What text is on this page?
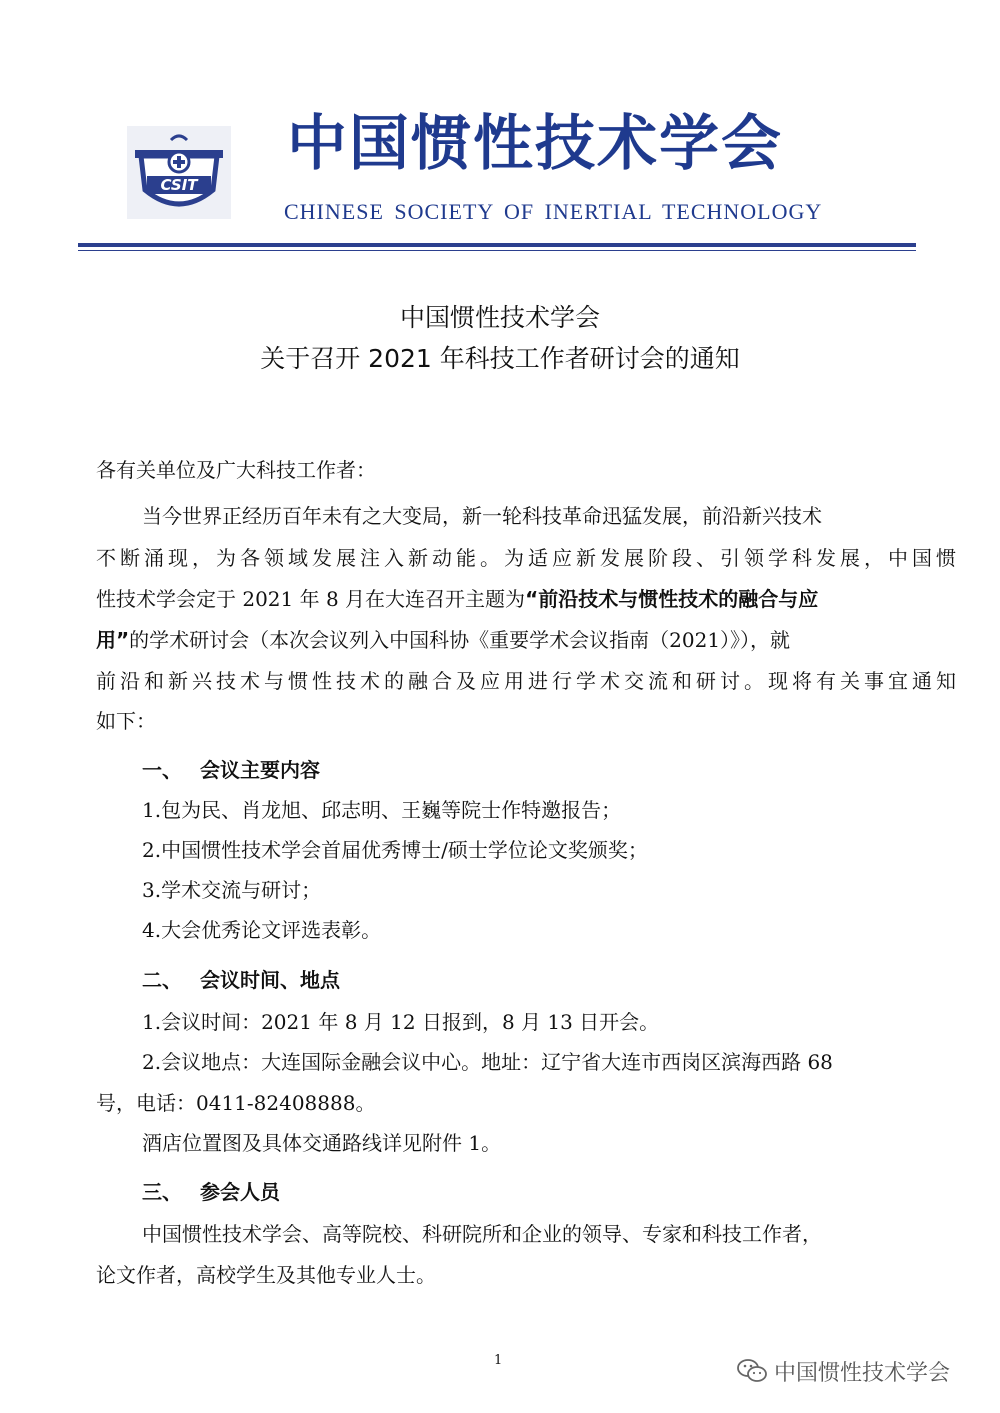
CSIT
中国惯性技术学会
CHINESE SOCIETY OF INERTIAL TECHNOLOGY
中国惯性技术学会
关于召开 2021 年科技工作者研讨会的通知
各有关单位及广大科技工作者：
当今世界正经历百年未有之大变局，新一轮科技革命迅猛发展，前沿新兴技术
不断涌现，为各领域发展注入新动能。为适应新发展阶段、引领学科发展，中国惯
性技术学会定于 2021 年 8 月在大连召开主题为“前沿技术与惯性技术的融合与应
用”的学术研讨会（本次会议列入中国科协《重要学术会议指南（2021）》），就
前沿和新兴技术与惯性技术的融合及应用进行学术交流和研讨。现将有关事宜通知
如下：
一、 会议主要内容
1.包为民、肖龙旭、邱志明、王巍等院士作特邀报告；
2.中国惯性技术学会首届优秀博士/硕士学位论文奖颁奖；
3.学术交流与研讨；
4.大会优秀论文评选表彰。
二、 会议时间、地点
1.会议时间：2021 年 8 月 12 日报到，8 月 13 日开会。
2.会议地点：大连国际金融会议中心。地址：辽宁省大连市西岗区滨海西路 68
号，电话：0411-82408888。
酒店位置图及具体交通路线详见附件 1。
三、 参会人员
中国惯性技术学会、高等院校、科研院所和企业的领导、专家和科技工作者，
论文作者，高校学生及其他专业人士。
1	中国惯性技术学会
